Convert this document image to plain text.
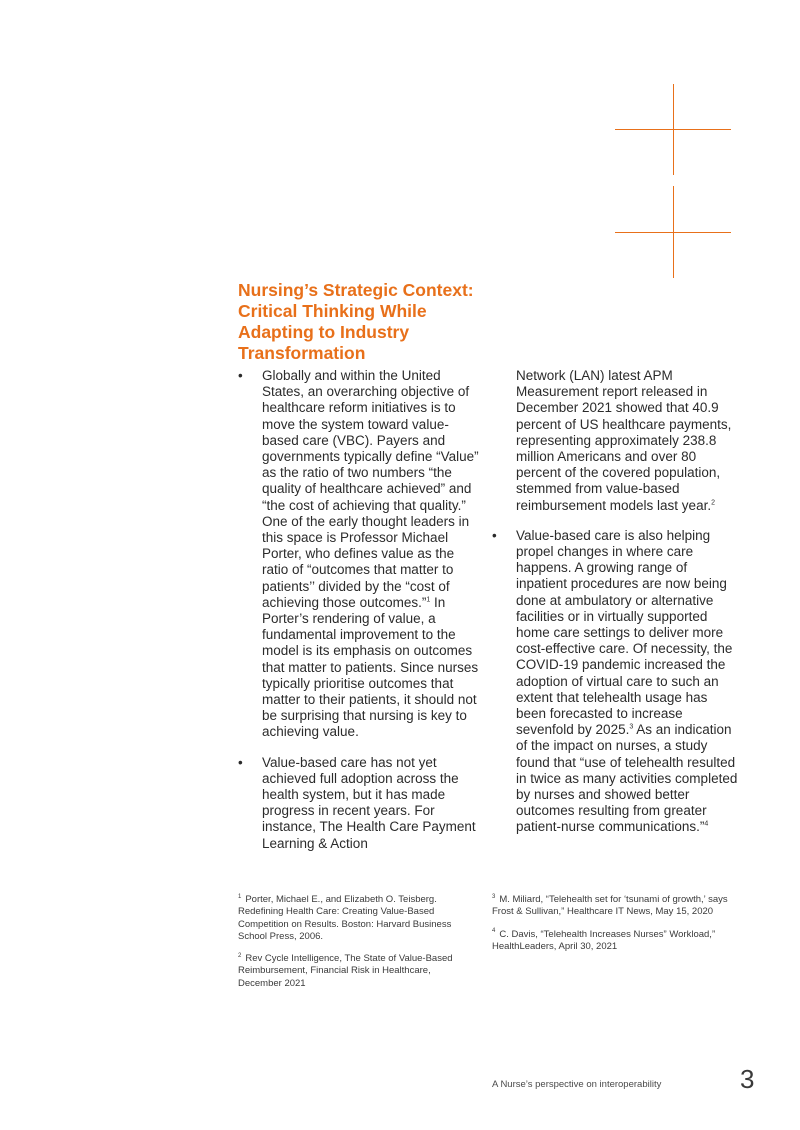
Nursing’s Strategic Context: Critical Thinking While Adapting to Industry Transformation

• Globally and within the United States, an overarching objective of healthcare reform initiatives is to move the system toward value-based care (VBC). Payers and governments typically define “Value” as the ratio of two numbers “the quality of healthcare achieved” and “the cost of achieving that quality.” One of the early thought leaders in this space is Professor Michael Porter, who defines value as the ratio of “outcomes that matter to patients’’ divided by the “cost of achieving those outcomes.”$^1$ In Porter’s rendering of value, a fundamental improvement to the model is its emphasis on outcomes that matter to patients. Since nurses typically prioritise outcomes that matter to their patients, it should not be surprising that nursing is key to achieving value.

• Value-based care has not yet achieved full adoption across the health system, but it has made progress in recent years. For instance, The Health Care Payment Learning & Action

Network (LAN) latest APM Measurement report released in December 2021 showed that 40.9 percent of US healthcare payments, representing approximately 238.8 million Americans and over 80 percent of the covered population, stemmed from value-based reimbursement models last year.$^2$

• Value-based care is also helping propel changes in where care happens. A growing range of inpatient procedures are now being done at ambulatory or alternative facilities or in virtually supported home care settings to deliver more cost-effective care. Of necessity, the COVID-19 pandemic increased the adoption of virtual care to such an extent that telehealth usage has been forecasted to increase sevenfold by 2025.$^3$ As an indication of the impact on nurses, a study found that “use of telehealth resulted in twice as many activities completed by nurses and showed better outcomes resulting from greater patient-nurse communications.”$^4$

$^1$ Porter, Michael E., and Elizabeth O. Teisberg. Redefining Health Care: Creating Value-Based Competition on Results. Boston: Harvard Business School Press, 2006.

$^2$ Rev Cycle Intelligence, The State of Value-Based Reimbursement, Financial Risk in Healthcare, December 2021

$^3$ M. Miliard, “Telehealth set for ‘tsunami of growth,’ says Frost & Sullivan,” Healthcare IT News, May 15, 2020

$^4$ C. Davis, “Telehealth Increases Nurses” Workload,” HealthLeaders, April 30, 2021

A Nurse’s perspective on interoperability	3
